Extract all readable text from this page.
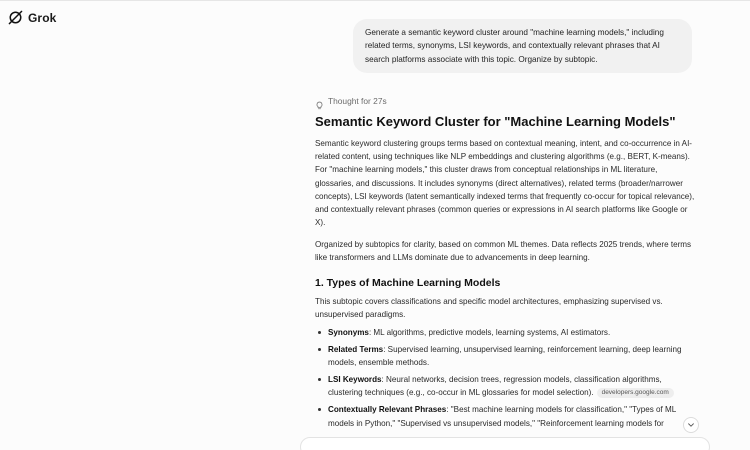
Grok
Generate a semantic keyword cluster around "machine learning models," including related terms, synonyms, LSI keywords, and contextually relevant phrases that AI search platforms associate with this topic. Organize by subtopic.
Thought for 27s
Semantic Keyword Cluster for "Machine Learning Models"
Semantic keyword clustering groups terms based on contextual meaning, intent, and co-occurrence in AI-related content, using techniques like NLP embeddings and clustering algorithms (e.g., BERT, K-means). For "machine learning models," this cluster draws from conceptual relationships in ML literature, glossaries, and discussions. It includes synonyms (direct alternatives), related terms (broader/narrower concepts), LSI keywords (latent semantically indexed terms that frequently co-occur for topical relevance), and contextually relevant phrases (common queries or expressions in AI search platforms like Google or X).
Organized by subtopics for clarity, based on common ML themes. Data reflects 2025 trends, where terms like transformers and LLMs dominate due to advancements in deep learning.
1. Types of Machine Learning Models
This subtopic covers classifications and specific model architectures, emphasizing supervised vs. unsupervised paradigms.
Synonyms: ML algorithms, predictive models, learning systems, AI estimators.
Related Terms: Supervised learning, unsupervised learning, reinforcement learning, deep learning models, ensemble methods.
LSI Keywords: Neural networks, decision trees, regression models, classification algorithms, clustering techniques (e.g., co-occur in ML glossaries for model selection). developers.google.com
Contextually Relevant Phrases: "Best machine learning models for classification," "Types of ML models in Python," "Supervised vs unsupervised models," "Reinforcement learning models for
